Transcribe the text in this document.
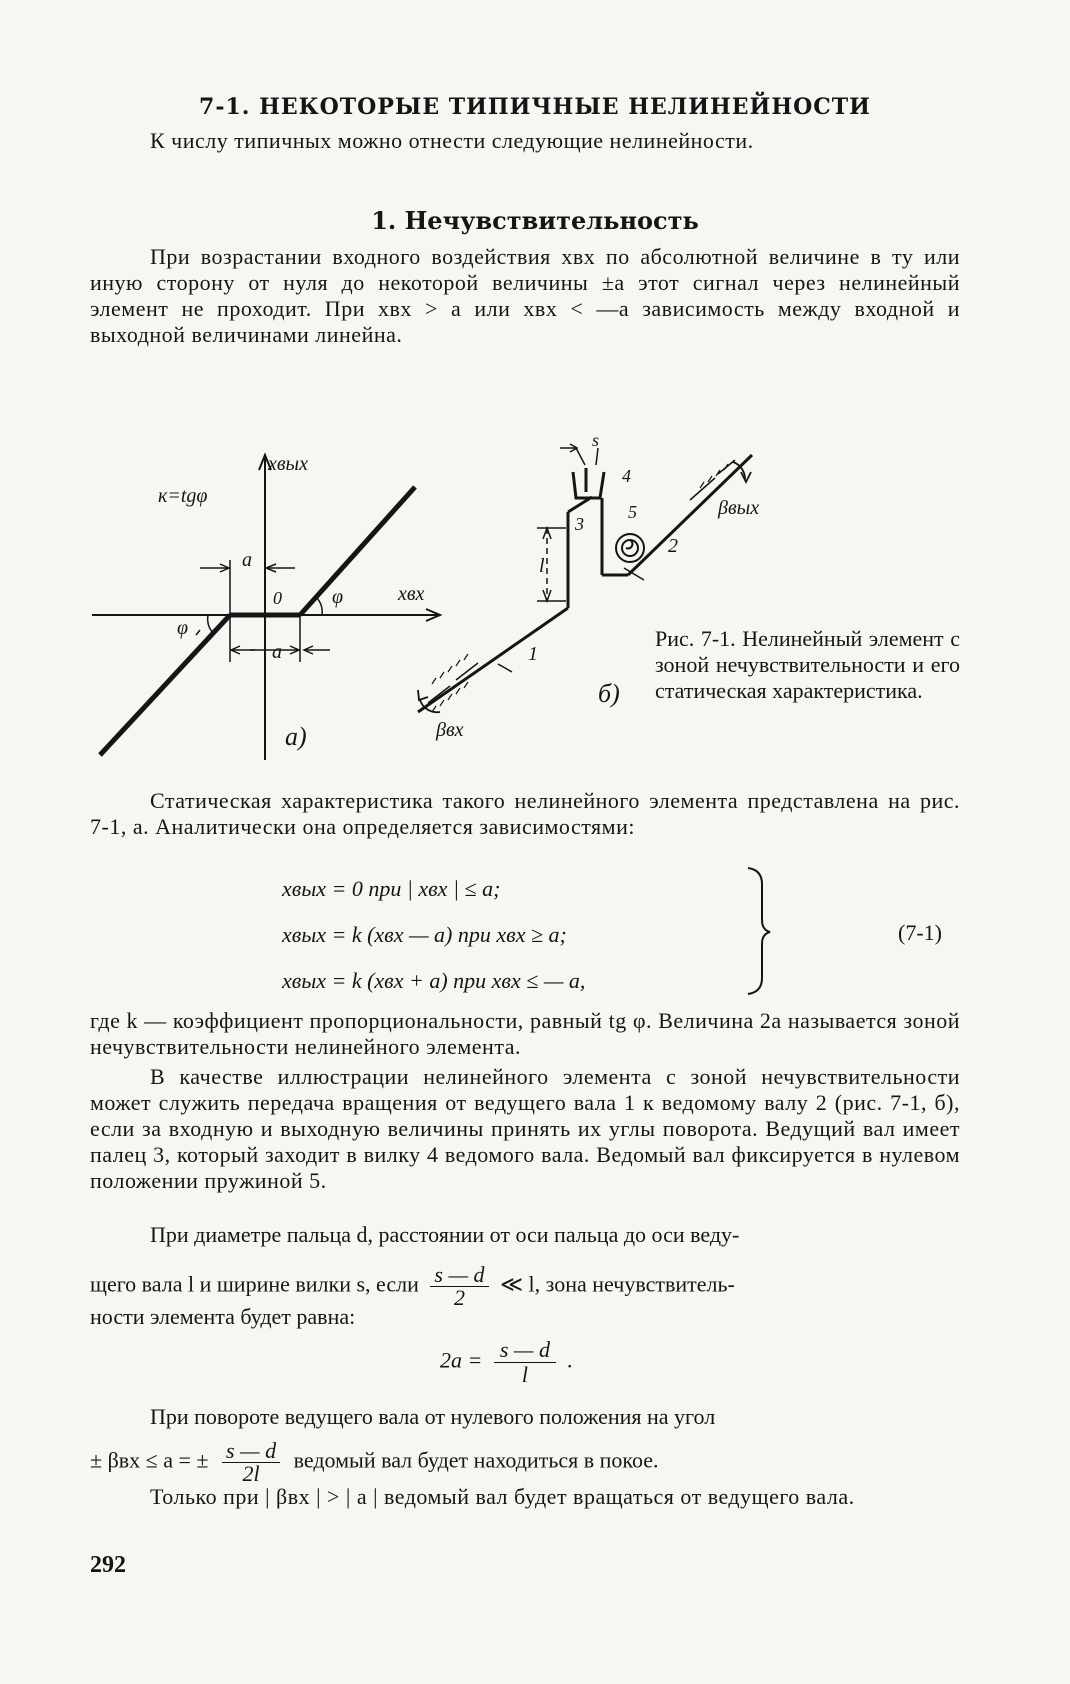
7-1. НЕКОТОРЫЕ ТИПИЧНЫЕ НЕЛИНЕЙНОСТИ
К числу типичных можно отнести следующие нелинейности.
1. Нечувствительность
При возрастании входного воздействия xвх по абсолютной величине в ту или иную сторону от нуля до некоторой величины ±a этот сигнал через нелинейный элемент не проходит. При xвх > a или xвх < —a зависимость между входной и выходной величинами линейна.
xвых
xвх
к=tgφ
a
0	φ
φ
a
a)
s
4
3
5
2
1
l
βвых
βвх
б)
Рис. 7-1. Нелинейный элемент с зоной нечувствительности и его статическая характеристика.
Статическая характеристика такого нелинейного элемента представлена на рис. 7-1, a. Аналитически она определяется зависимостями:
xвых = 0 при | xвх | ≤ a;
xвых = k (xвх — a) при xвх ≥ a;
xвых = k (xвх + a) при xвх ≤ — a,
(7-1)
где k — коэффициент пропорциональности, равный tg φ. Величина 2a называется зоной нечувствительности нелинейного элемента.
В качестве иллюстрации нелинейного элемента с зоной нечувствительности может служить передача вращения от ведущего вала 1 к ведомому валу 2 (рис. 7-1, б), если за входную и выходную величины принять их углы поворота. Ведущий вал имеет палец 3, который заходит в вилку 4 ведомого вала. Ведомый вал фиксируется в нулевом положении пружиной 5.
При диаметре пальца d, расстоянии от оси пальца до оси веду-
щего вала l и ширине вилки s, если $\frac{s — d}{2}$ ≪ l, зона нечувствитель-
ности элемента будет равна:
$2a = \frac{s — d}{l}$ .
При повороте ведущего вала от нулевого положения на угол
± βвх ≤ a = ± $\frac{s — d}{2l}$ ведомый вал будет находиться в покое.
Только при | βвх | > | a | ведомый вал будет вращаться от ведущего вала.
292
